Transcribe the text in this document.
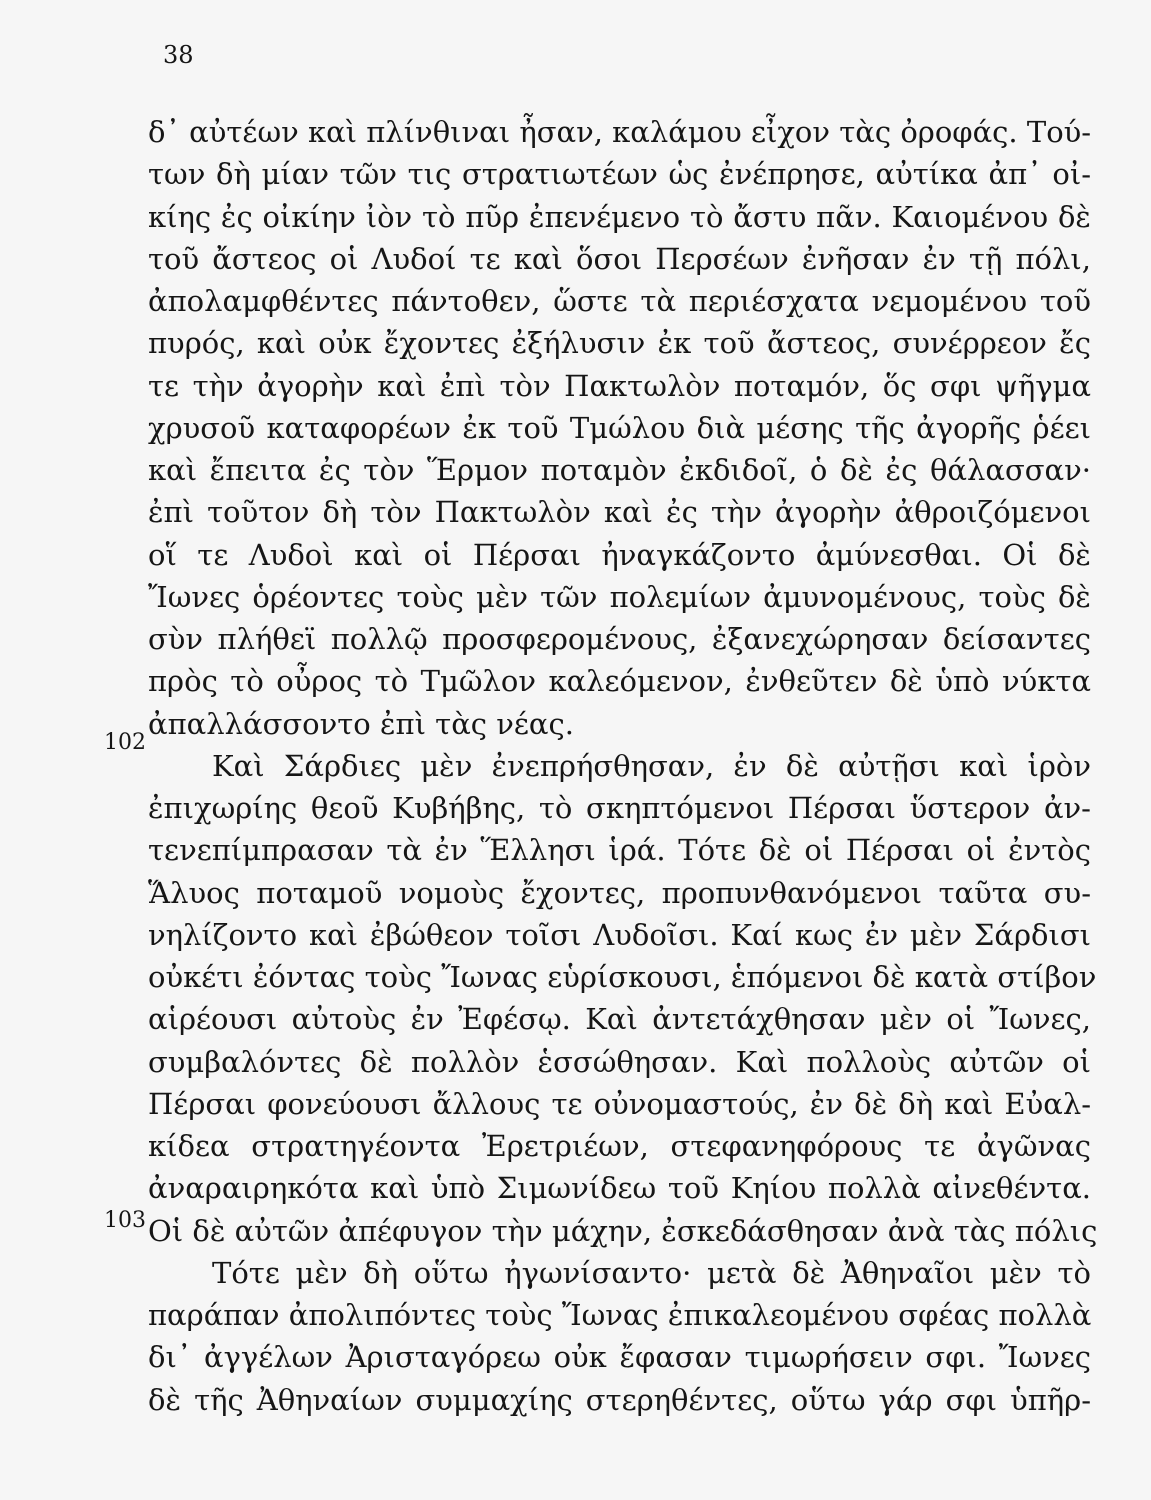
38
102
103
δ᾽ αὐτέων καὶ πλίνθιναι ἦσαν, καλάμου εἶχον τὰς ὀροφάς. Τού-
των δὴ μίαν τῶν τις στρατιωτέων ὡς ἐνέπρησε, αὐτίκα ἀπ᾽ οἰ-
κίης ἐς οἰκίην ἰὸν τὸ πῦρ ἐπενέμενο τὸ ἄστυ πᾶν. Καιομένου δὲ
τοῦ ἄστεος οἱ Λυδοί τε καὶ ὅσοι Περσέων ἐνῆσαν ἐν τῇ πόλι,
ἀπολαμφθέντες πάντοθεν, ὥστε τὰ περιέσχατα νεμομένου τοῦ
πυρός, καὶ οὐκ ἔχοντες ἐξήλυσιν ἐκ τοῦ ἄστεος, συνέρρεον ἔς
τε τὴν ἀγορὴν καὶ ἐπὶ τὸν Πακτωλὸν ποταμόν, ὅς σφι ψῆγμα
χρυσοῦ καταφορέων ἐκ τοῦ Τμώλου διὰ μέσης τῆς ἀγορῆς ῥέει
καὶ ἔπειτα ἐς τὸν Ἕρμον ποταμὸν ἐκδιδοῖ, ὁ δὲ ἐς θάλασσαν·
ἐπὶ τοῦτον δὴ τὸν Πακτωλὸν καὶ ἐς τὴν ἀγορὴν ἀθροιζόμενοι
οἵ τε Λυδοὶ καὶ οἱ Πέρσαι ἠναγκάζοντο ἀμύνεσθαι. Οἱ δὲ
Ἴωνες ὁρέοντες τοὺς μὲν τῶν πολεμίων ἀμυνομένους, τοὺς δὲ
σὺν πλήθεϊ πολλῷ προσφερομένους, ἐξανεχώρησαν δείσαντες
πρὸς τὸ οὖρος τὸ Τμῶλον καλεόμενον, ἐνθεῦτεν δὲ ὑπὸ νύκτα
ἀπαλλάσσοντο ἐπὶ τὰς νέας.
Καὶ Σάρδιες μὲν ἐνεπρήσθησαν, ἐν δὲ αὐτῇσι καὶ ἱρὸν
ἐπιχωρίης θεοῦ Κυβήβης, τὸ σκηπτόμενοι Πέρσαι ὕστερον ἀν-
τενεπίμπρασαν τὰ ἐν Ἕλλησι ἱρά. Τότε δὲ οἱ Πέρσαι οἱ ἐντὸς
Ἅλυος ποταμοῦ νομοὺς ἔχοντες, προπυνθανόμενοι ταῦτα συ-
νηλίζοντο καὶ ἐβώθεον τοῖσι Λυδοῖσι. Καί κως ἐν μὲν Σάρδισι
οὐκέτι ἐόντας τοὺς Ἴωνας εὑρίσκουσι, ἑπόμενοι δὲ κατὰ στίβον
αἱρέουσι αὐτοὺς ἐν Ἐφέσῳ. Καὶ ἀντετάχθησαν μὲν οἱ Ἴωνες,
συμβαλόντες δὲ πολλὸν ἑσσώθησαν. Καὶ πολλοὺς αὐτῶν οἱ
Πέρσαι φονεύουσι ἄλλους τε οὐνομαστούς, ἐν δὲ δὴ καὶ Εὐαλ-
κίδεα στρατηγέοντα Ἐρετριέων, στεφανηφόρους τε ἀγῶνας
ἀναραιρηκότα καὶ ὑπὸ Σιμωνίδεω τοῦ Κηίου πολλὰ αἰνεθέντα.
Οἱ δὲ αὐτῶν ἀπέφυγον τὴν μάχην, ἐσκεδάσθησαν ἀνὰ τὰς πόλις
Τότε μὲν δὴ οὕτω ἠγωνίσαντο· μετὰ δὲ Ἀθηναῖοι μὲν τὸ
παράπαν ἀπολιπόντες τοὺς Ἴωνας ἐπικαλεομένου σφέας πολλὰ
δι᾽ ἀγγέλων Ἀρισταγόρεω οὐκ ἔφασαν τιμωρήσειν σφι. Ἴωνες
δὲ τῆς Ἀθηναίων συμμαχίης στερηθέντες, οὕτω γάρ σφι ὑπῆρ-
